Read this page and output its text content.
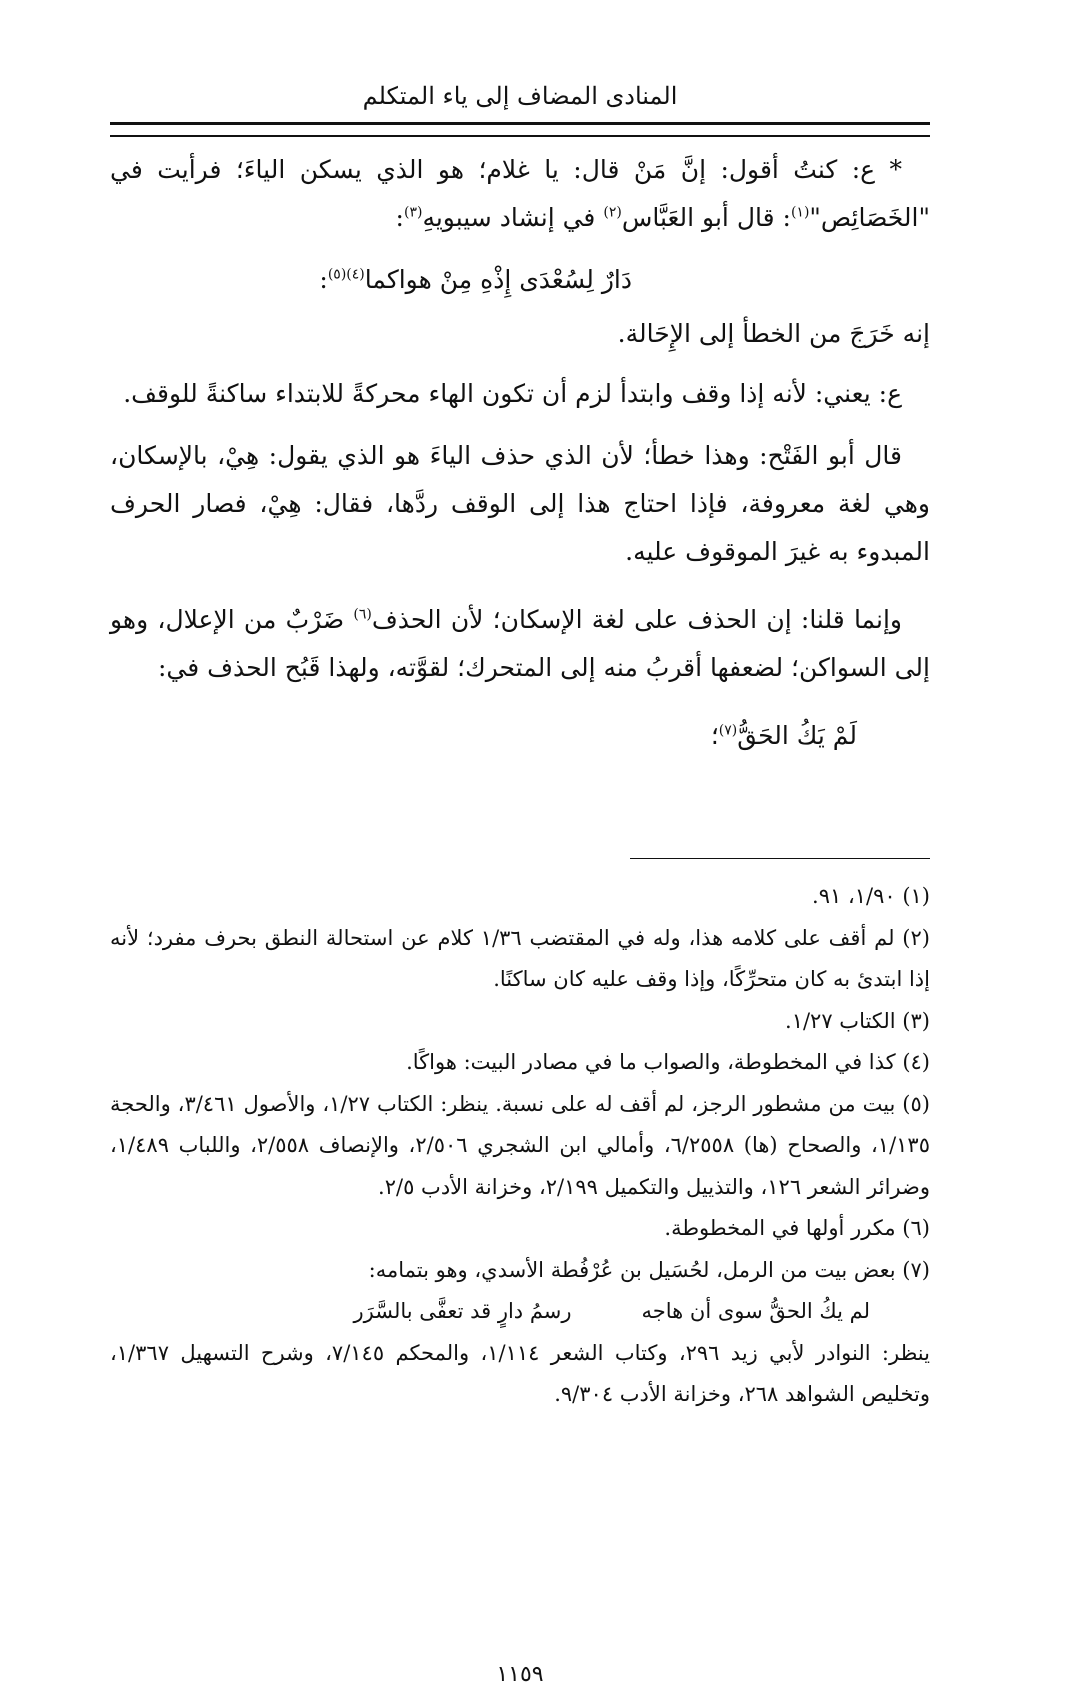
المنادى المضاف إلى ياء المتكلم

* ع: كنتُ أقول: إنَّ مَنْ قال: يا غلام؛ هو الذي يسكن الياءَ؛ فرأيت في "الخَصَائِص"$^{(١)}$: قال أبو العَبَّاس$^{(٢)}$ في إنشاد سيبويهِ$^{(٣)}$:

دَارٌ لِسُعْدَى إِذْهِ مِنْ هواكما$^{(٤)(٥)}$:

إنه خَرَجَ من الخطأ إلى الإِحَالة.

ع: يعني: لأنه إذا وقف وابتدأ لزم أن تكون الهاء محركةً للابتداء ساكنةً للوقف.

قال أبو الفَتْح: وهذا خطأ؛ لأن الذي حذف الياءَ هو الذي يقول: هِيْ، بالإسكان، وهي لغة معروفة، فإذا احتاج هذا إلى الوقف ردَّها، فقال: هِيْ، فصار الحرف المبدوء به غيرَ الموقوف عليه.

وإنما قلنا: إن الحذف على لغة الإسكان؛ لأن الحذف$^{(٦)}$ ضَرْبٌ من الإعلال، وهو إلى السواكن؛ لضعفها أقربُ منه إلى المتحرك؛ لقوَّته، ولهذا قَبُح الحذف في:

لَمْ يَكُ الحَقُّ$^{(٧)}$؛

(١) ١/٩٠، ٩١.

(٢) لم أقف على كلامه هذا، وله في المقتضب ١/٣٦ كلام عن استحالة النطق بحرف مفرد؛ لأنه إذا ابتدئ به كان متحرِّكًا، وإذا وقف عليه كان ساكنًا.

(٣) الكتاب ١/٢٧.

(٤) كذا في المخطوطة، والصواب ما في مصادر البيت: هواكًا.

(٥) بيت من مشطور الرجز، لم أقف له على نسبة. ينظر: الكتاب ١/٢٧، والأصول ٣/٤٦١، والحجة ١/١٣٥، والصحاح (ها) ٦/٢٥٥٨، وأمالي ابن الشجري ٢/٥٠٦، والإنصاف ٢/٥٥٨، واللباب ١/٤٨٩، وضرائر الشعر ١٢٦، والتذييل والتكميل ٢/١٩٩، وخزانة الأدب ٢/٥.

(٦) مكرر أولها في المخطوطة.

(٧) بعض بيت من الرمل، لحُسَيل بن عُرْفُطة الأسدي، وهو بتمامه:

لم يكُ الحقُّ سوى أن هاجه
رسمُ دارٍ قد تعفَّى بالسَّرَر

ينظر: النوادر لأبي زيد ٢٩٦، وكتاب الشعر ١/١١٤، والمحكم ٧/١٤٥، وشرح التسهيل ١/٣٦٧، وتخليص الشواهد ٢٦٨، وخزانة الأدب ٩/٣٠٤.

١١٥٩
